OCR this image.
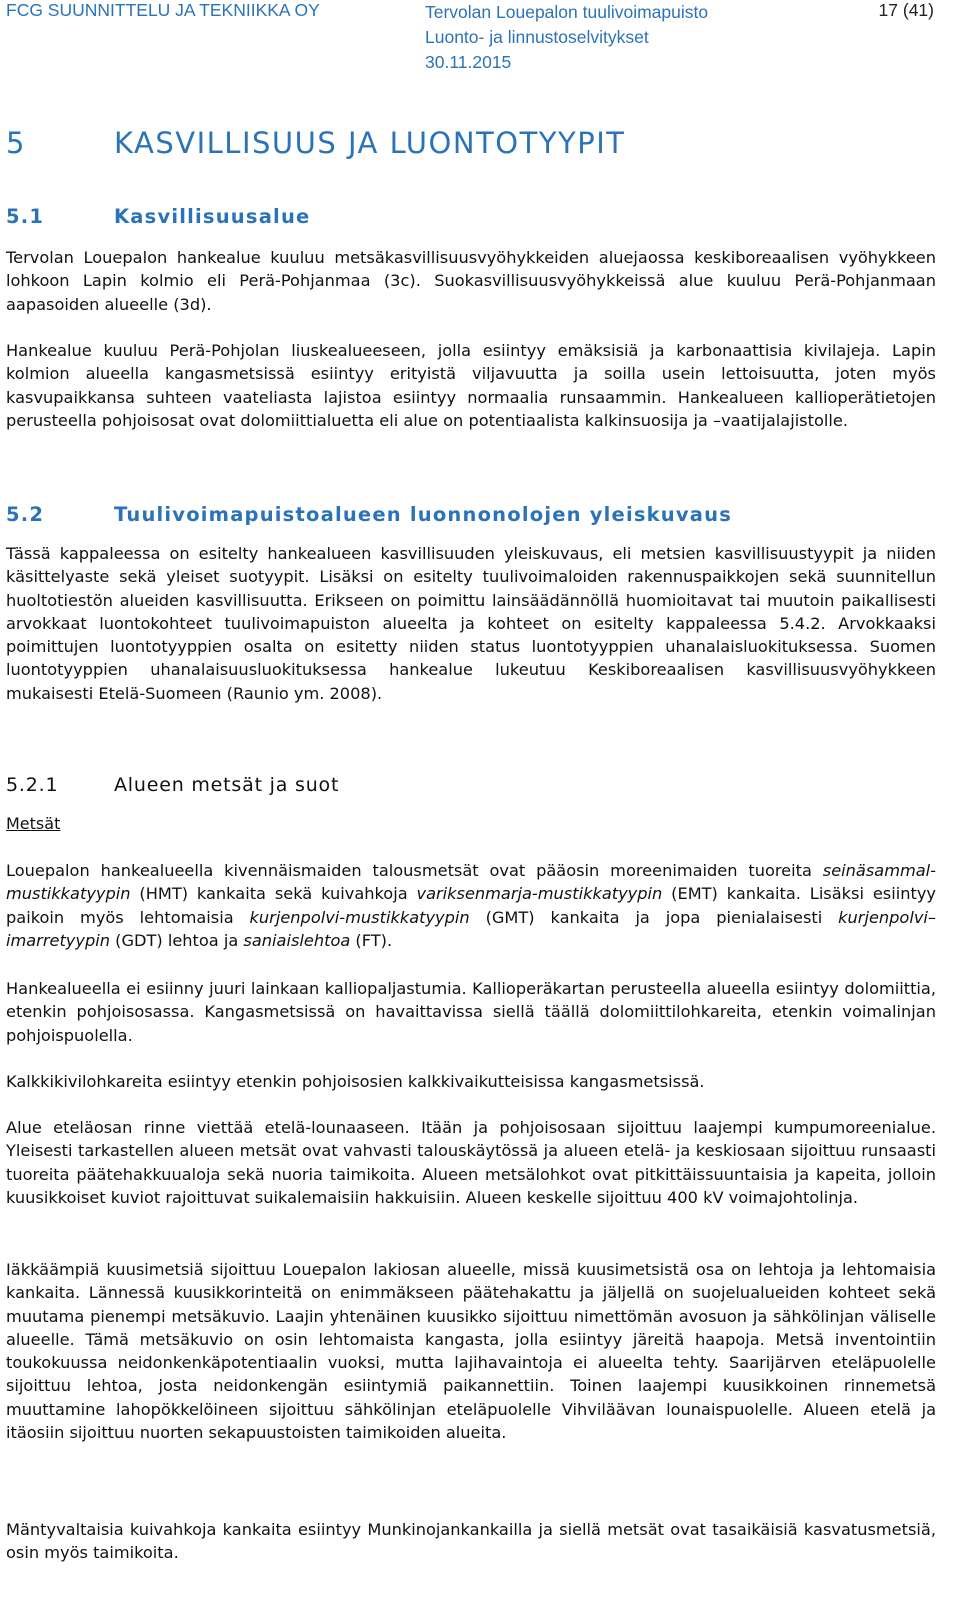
FCG SUUNNITTELU JA TEKNIIKKA OY	Tervolan Louepalon tuulivoimapuisto
Luonto- ja linnustoselvitykset
30.11.2015
17 (41)
5	KASVILLISUUS JA LUONTOTYYPIT
5.1	Kasvillisuusalue
Tervolan Louepalon hankealue kuuluu metsäkasvillisuusvyöhykkeiden aluejaossa keskiboreaalisen vyöhykkeen lohkoon Lapin kolmio eli Perä-Pohjanmaa (3c). Suokasvillisuusvyöhykkeissä alue kuuluu Perä-Pohjanmaan aapasoiden alueelle (3d).
Hankealue kuuluu Perä-Pohjolan liuskealueeseen, jolla esiintyy emäksisiä ja karbonaattisia kivilajeja. Lapin kolmion alueella kangasmetsissä esiintyy erityistä viljavuutta ja soilla usein lettoisuutta, joten myös kasvupaikkansa suhteen vaateliasta lajistoa esiintyy normaalia runsaammin. Hankealueen kallioperätietojen perusteella pohjoisosat ovat dolomiittialuetta eli alue on potentiaalista kalkinsuosija ja –vaatijalajistolle.
5.2	Tuulivoimapuistoalueen luonnonolojen yleiskuvaus
Tässä kappaleessa on esitelty hankealueen kasvillisuuden yleiskuvaus, eli metsien kasvillisuustyypit ja niiden käsittelyaste sekä yleiset suotyypit. Lisäksi on esitelty tuulivoimaloiden rakennuspaikkojen sekä suunnitellun huoltotiestön alueiden kasvillisuutta. Erikseen on poimittu lainsäädännöllä huomioitavat tai muutoin paikallisesti arvokkaat luontokohteet tuulivoimapuiston alueelta ja kohteet on esitelty kappaleessa 5.4.2. Arvokkaaksi poimittujen luontotyyppien osalta on esitetty niiden status luontotyyppien uhanalaisluokituksessa. Suomen luontotyyppien uhanalaisuusluokituksessa hankealue lukeutuu Keskiboreaalisen kasvillisuusvyöhykkeen mukaisesti Etelä-Suomeen (Raunio ym. 2008).
5.2.1	Alueen metsät ja suot
Metsät
Louepalon hankealueella kivennäismaiden talousmetsät ovat pääosin moreenimaiden tuoreita seinäsammal-mustikkatyypin (HMT) kankaita sekä kuivahkoja variksenmarja-mustikkatyypin (EMT) kankaita. Lisäksi esiintyy paikoin myös lehtomaisia kurjenpolvi-mustikkatyypin (GMT) kankaita ja jopa pienialaisesti kurjenpolvi–imarretyypin (GDT) lehtoa ja saniaislehtoa (FT).
Hankealueella ei esiinny juuri lainkaan kalliopaljastumia. Kallioperäkartan perusteella alueella esiintyy dolomiittia, etenkin pohjoisosassa. Kangasmetsissä on havaittavissa siellä täällä dolomiittilohkareita, etenkin voimalinjan pohjoispuolella.
Kalkkikivilohkareita esiintyy etenkin pohjoisosien kalkkivaikutteisissa kangasmetsissä.
Alue eteläosan rinne viettää etelä-lounaaseen. Itään ja pohjoisosaan sijoittuu laajempi kumpumoreenialue. Yleisesti tarkastellen alueen metsät ovat vahvasti talouskäytössä ja alueen etelä- ja keskiosaan sijoittuu runsaasti tuoreita päätehakkuualoja sekä nuoria taimikoita. Alueen metsälohkot ovat pitkittäissuuntaisia ja kapeita, jolloin kuusikkoiset kuviot rajoittuvat suikalemaisiin hakkuisiin. Alueen keskelle sijoittuu 400 kV voimajohtolinja.
Iäkkäämpiä kuusimetsiä sijoittuu Louepalon lakiosan alueelle, missä kuusimetsistä osa on lehtoja ja lehtomaisia kankaita. Lännessä kuusikkorinteitä on enimmäkseen päätehakattu ja jäljellä on suojelualueiden kohteet sekä muutama pienempi metsäkuvio. Laajin yhtenäinen kuusikko sijoittuu nimettömän avosuon ja sähkölinjan väliselle alueelle. Tämä metsäkuvio on osin lehtomaista kangasta, jolla esiintyy järeitä haapoja. Metsä inventointiin toukokuussa neidonkenkäpotentiaalin vuoksi, mutta lajihavaintoja ei alueelta tehty. Saarijärven eteläpuolelle sijoittuu lehtoa, josta neidonkengän esiintymiä paikannettiin. Toinen laajempi kuusikkoinen rinnemetsä muuttamine lahopökkelöineen sijoittuu sähkölinjan eteläpuolelle Vihviläävan lounaispuolelle. Alueen etelä ja itäosiin sijoittuu nuorten sekapuustoisten taimikoiden alueita.
Mäntyvaltaisia kuivahkoja kankaita esiintyy Munkinojankankailla ja siellä metsät ovat tasaikäisiä kasvatusmetsiä, osin myös taimikoita.
